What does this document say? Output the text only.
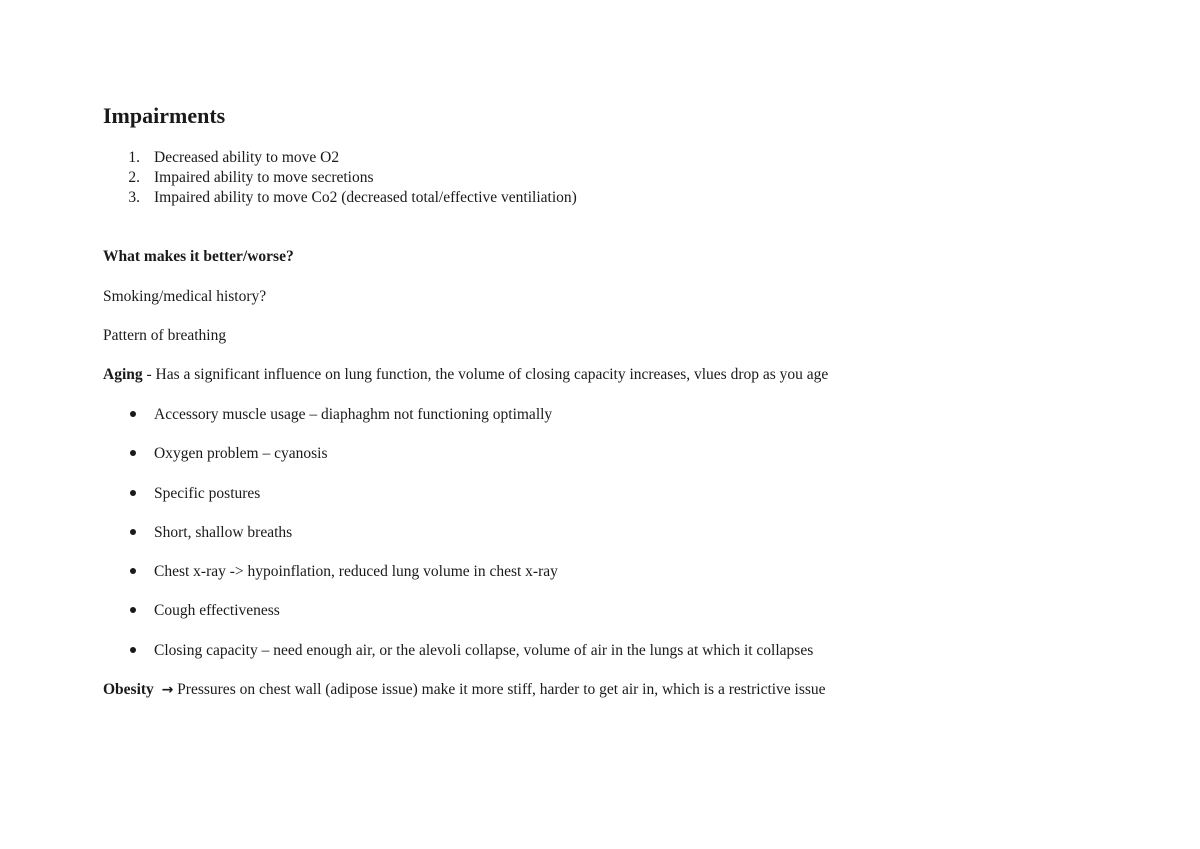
Impairments
1. Decreased ability to move O2
2. Impaired ability to move secretions
3. Impaired ability to move Co2 (decreased total/effective ventiliation)

What makes it better/worse?

Smoking/medical history?

Pattern of breathing

Aging - Has a significant influence on lung function, the volume of closing capacity increases, vlues drop as you age

Accessory muscle usage – diaphaghm not functioning optimally
Oxygen problem – cyanosis
Specific postures
Short, shallow breaths
Chest x-ray -> hypoinflation, reduced lung volume in chest x-ray
Cough effectiveness
Closing capacity – need enough air, or the alevoli collapse, volume of air in the lungs at which it collapses

Obesity → Pressures on chest wall (adipose issue) make it more stiff, harder to get air in, which is a restrictive issue
